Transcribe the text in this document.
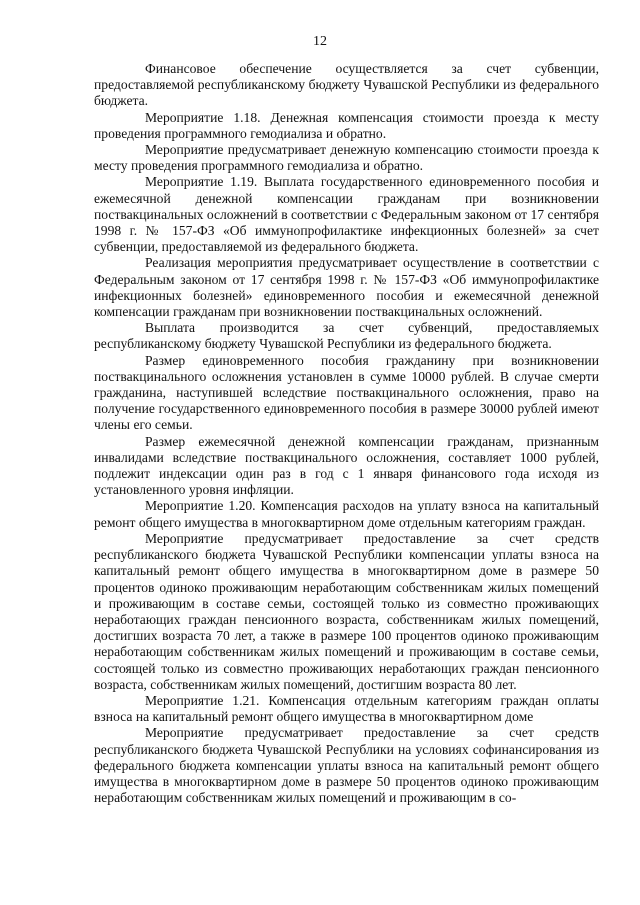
12

Финансовое обеспечение осуществляется за счет субвенции, предоставляемой республиканскому бюджету Чувашской Республики из федерального бюджета.

Мероприятие 1.18. Денежная компенсация стоимости проезда к месту проведения программного гемодиализа и обратно.

Мероприятие предусматривает денежную компенсацию стоимости проезда к месту проведения программного гемодиализа и обратно.

Мероприятие 1.19. Выплата государственного единовременного пособия и ежемесячной денежной компенсации гражданам при возникновении поствакцинальных осложнений в соответствии с Федеральным законом от 17 сентября 1998 г. № 157-ФЗ «Об иммунопрофилактике инфекционных болезней» за счет субвенции, предоставляемой из федерального бюджета.

Реализация мероприятия предусматривает осуществление в соответствии с Федеральным законом от 17 сентября 1998 г. № 157-ФЗ «Об иммунопрофилактике инфекционных болезней» единовременного пособия и ежемесячной денежной компенсации гражданам при возникновении поствакцинальных осложнений.

Выплата производится за счет субвенций, предоставляемых республиканскому бюджету Чувашской Республики из федерального бюджета.

Размер единовременного пособия гражданину при возникновении поствакцинального осложнения установлен в сумме 10000 рублей. В случае смерти гражданина, наступившей вследствие поствакцинального осложнения, право на получение государственного единовременного пособия в размере 30000 рублей имеют члены его семьи.

Размер ежемесячной денежной компенсации гражданам, признанным инвалидами вследствие поствакцинального осложнения, составляет 1000 рублей, подлежит индексации один раз в год с 1 января финансового года исходя из установленного уровня инфляции.

Мероприятие 1.20. Компенсация расходов на уплату взноса на капитальный ремонт общего имущества в многоквартирном доме отдельным категориям граждан.

Мероприятие предусматривает предоставление за счет средств республиканского бюджета Чувашской Республики компенсации уплаты взноса на капитальный ремонт общего имущества в многоквартирном доме в размере 50 процентов одиноко проживающим неработающим собственникам жилых помещений и проживающим в составе семьи, состоящей только из совместно проживающих неработающих граждан пенсионного возраста, собственникам жилых помещений, достигших возраста 70 лет, а также в размере 100 процентов одиноко проживающим неработающим собственникам жилых помещений и проживающим в составе семьи, состоящей только из совместно проживающих неработающих граждан пенсионного возраста, собственникам жилых помещений, достигшим возраста 80 лет.

Мероприятие 1.21. Компенсация отдельным категориям граждан оплаты взноса на капитальный ремонт общего имущества в многоквартирном доме

Мероприятие предусматривает предоставление за счет средств республиканского бюджета Чувашской Республики на условиях софинансирования из федерального бюджета компенсации уплаты взноса на капитальный ремонт общего имущества в многоквартирном доме в размере 50 процентов одиноко проживающим неработающим собственникам жилых помещений и проживающим в со-
